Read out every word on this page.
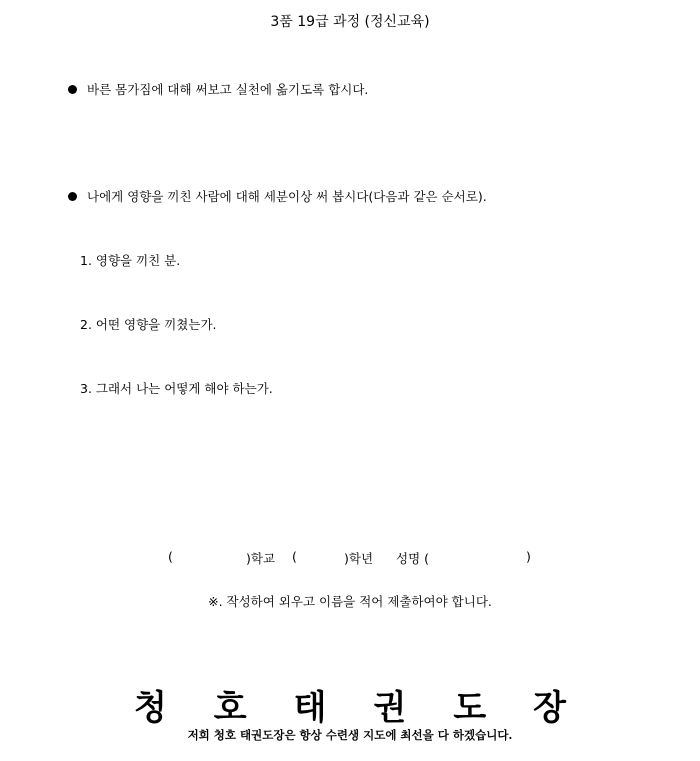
3품 19급 과정 (정신교육)
바른 몸가짐에 대해 써보고 실천에 옮기도록 합시다.
나에게 영향을 끼친 사람에 대해 세분이상 써 봅시다(다음과 같은 순서로).
1. 영향을 끼친 분.
2. 어떤 영향을 끼쳤는가.
3. 그래서 나는 어떻게 해야 하는가.
(	)학교 (	)학년 성명 (	)
※. 작성하여 외우고 이름을 적어 제출하여야 합니다.
청 호 태 권 도 장
저희 청호 태권도장은 항상 수련생 지도에 최선을 다 하겠습니다.
